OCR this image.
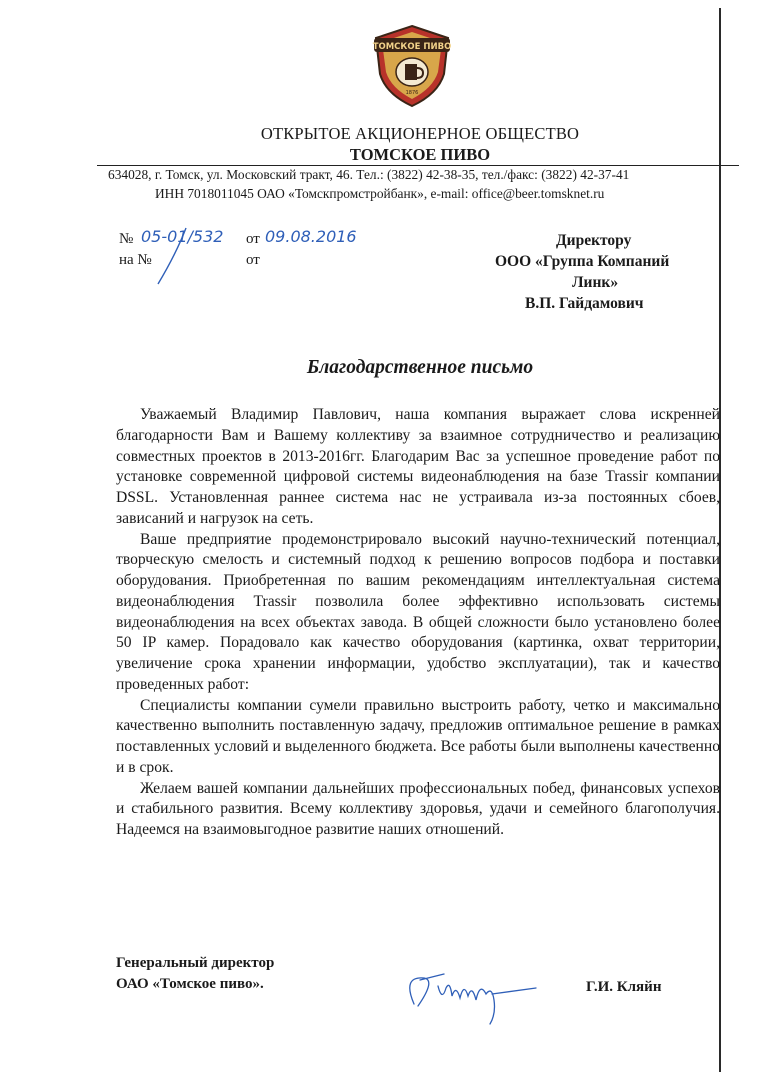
ТОМСКОЕ ПИВО
1876
ОТКРЫТОЕ АКЦИОНЕРНОЕ ОБЩЕСТВО
ТОМСКОЕ ПИВО
634028, г. Томск, ул. Московский тракт, 46. Тел.: (3822) 42-38-35, тел./факс: (3822) 42-37-41
ИНН 7018011045 ОАО «Томскпромстройбанк», e-mail: office@beer.tomsknet.ru
№ 05-01/532 от 09.08.2016
на №	от
Директору
ООО «Группа Компаний
Линк»
В.П. Гайдамович
Благодарственное письмо

Уважаемый Владимир Павлович, наша компания выражает слова искренней благодарности Вам и Вашему коллективу за взаимное сотрудничество и реализацию совместных проектов в 2013-2016гг. Благодарим Вас за успешное проведение работ по установке современной цифровой системы видеонаблюдения на базе Trassir компании DSSL. Установленная раннее система нас не устраивала из-за постоянных сбоев, зависаний и нагрузок на сеть.

Ваше предприятие продемонстрировало высокий научно-технический потенциал, творческую смелость и системный подход к решению вопросов подбора и поставки оборудования. Приобретенная по вашим рекомендациям интеллектуальная система видеонаблюдения Trassir позволила более эффективно использовать системы видеонаблюдения на всех объектах завода. В общей сложности было установлено более 50 IP камер. Порадовало как качество оборудования (картинка, охват территории, увеличение срока хранении информации, удобство эксплуатации), так и качество проведенных работ:

Специалисты компании сумели правильно выстроить работу, четко и максимально качественно выполнить поставленную задачу, предложив оптимальное решение в рамках поставленных условий и выделенного бюджета. Все работы были выполнены качественно и в срок.

Желаем вашей компании дальнейших профессиональных побед, финансовых успехов и стабильного развития. Всему коллективу здоровья, удачи и семейного благополучия. Надеемся на взаимовыгодное развитие наших отношений.

Генеральный директор
ОАО «Томское пиво».	Г.И. Кляйн
